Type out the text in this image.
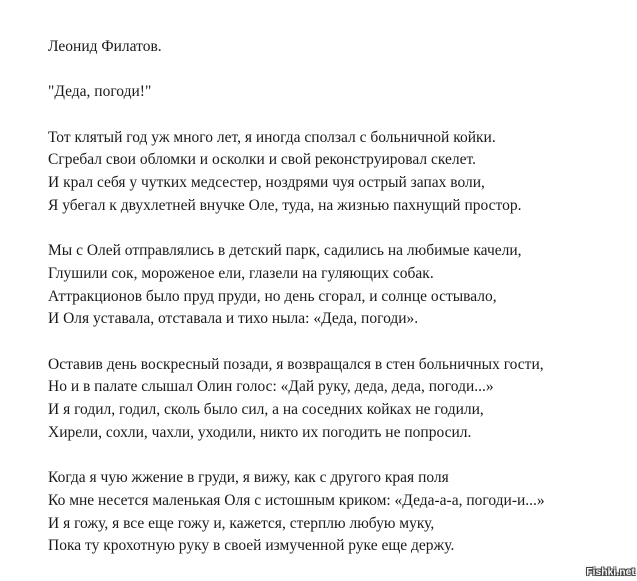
Леонид Филатов.

"Деда, погоди!"

Тот клятый год уж много лет, я иногда сползал с больничной койки.

Сгребал свои обломки и осколки и свой реконструировал скелет.

И крал себя у чутких медсестер, ноздрями чуя острый запах воли,

Я убегал к двухлетней внучке Оле, туда, на жизнью пахнущий простор.

Мы с Олей отправлялись в детский парк, садились на любимые качели,

Глушили сок, мороженое ели, глазели на гуляющих собак.

Аттракционов было пруд пруди, но день сгорал, и солнце остывало,

И Оля уставала, отставала и тихо ныла: «Деда, погоди».

Оставив день воскресный позади, я возвращался в стен больничных гости,

Но и в палате слышал Олин голос: «Дай руку, деда, деда, погоди...»

И я годил, годил, сколь было сил, а на соседних койках не годили,

Хирели, сохли, чахли, уходили, никто их погодить не попросил.

Когда я чую жжение в груди, я вижу, как с другого края поля

Ко мне несется маленькая Оля с истошным криком: «Деда-а-а, погоди-и...»

И я гожу, я все еще гожу и, кажется, стерплю любую муку,

Пока ту крохотную руку в своей измученной руке еще держу.

Fishki.net
